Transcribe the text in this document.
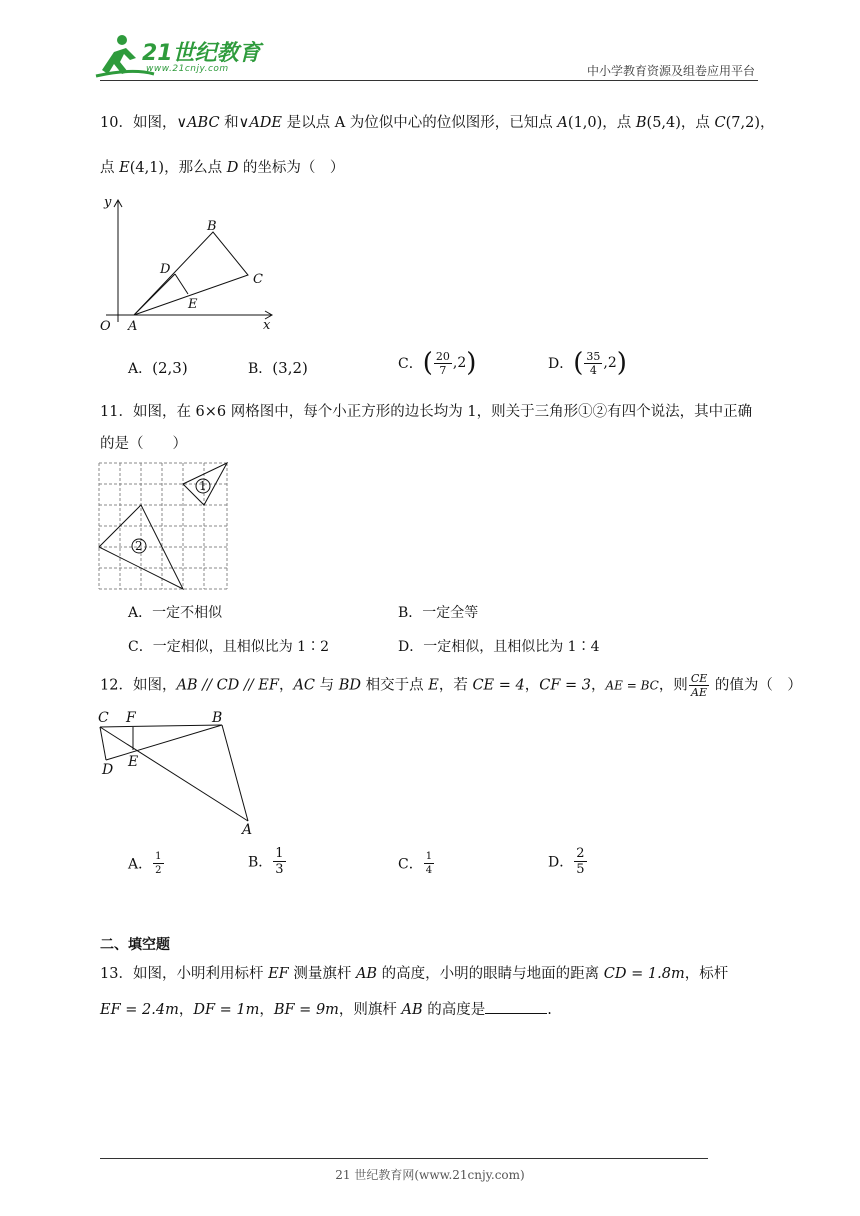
21世纪教育
www.21cnjy.com	中小学教育资源及组卷应用平台
10．如图，∨ABC 和∨ADE 是以点 A 为位似中心的位似图形，已知点 A(1,0)，点 B(5,4)，点 C(7,2)，
点 E(4,1)，那么点 D 的坐标为（　）
y
x
O A
B
C
D
E
A．(2,3)	B．(3,2)	C．( $\frac{20}{7} ,2$)	D．( $\frac{35}{4} ,2$)
11．如图，在 6×6 网格图中，每个小正方形的边长均为 1，则关于三角形①②有四个说法，其中正确
的是（　　）
1
2
A．一定不相似	B．一定全等
C．一定相似，且相似比为 1∶2	D．一定相似，且相似比为 1∶4
12．如图，AB // CD // EF，AC 与 BD 相交于点 E，若 CE = 4，CF = 3，AE = BC，则 $\frac{CE}{AE}$ 的值为（　）
C F	B
D E
A
A． $\frac{1}{2}$	B． $\frac{1}{3}$	C． $\frac{1}{4}$	D． $\frac{2}{5}$
二、填空题
13．如图，小明利用标杆 EF 测量旗杆 AB 的高度，小明的眼睛与地面的距离 CD = 1.8m，标杆
EF = 2.4m，DF = 1m，BF = 9m，则旗杆 AB 的高度是	.
21 世纪教育网(www.21cnjy.com)
